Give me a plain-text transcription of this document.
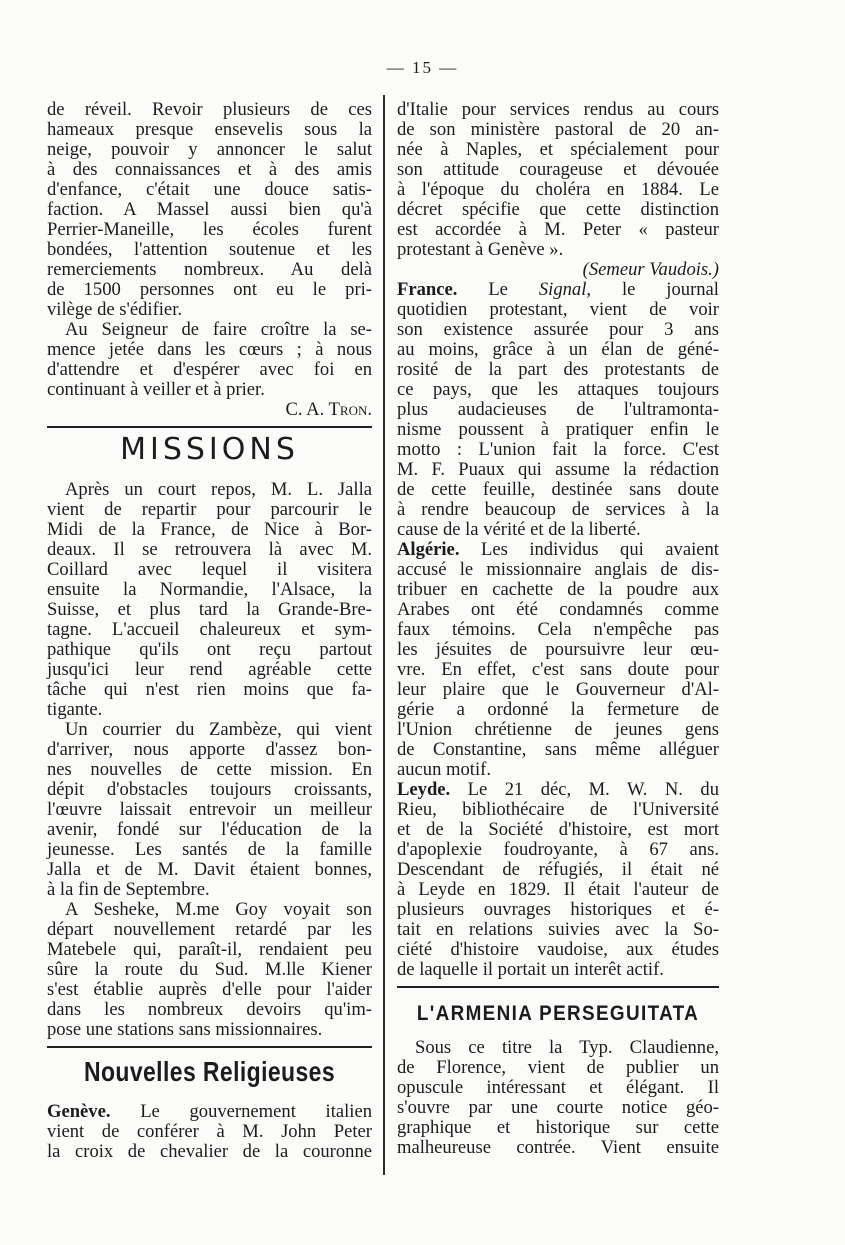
— 15 —
de réveil. Revoir plusieurs de ces
hameaux presque ensevelis sous la
neige, pouvoir y annoncer le salut
à des connaissances et à des amis
d'enfance, c'était une douce satis-
faction. A Massel aussi bien qu'à
Perrier-Maneille, les écoles furent
bondées, l'attention soutenue et les
remerciements nombreux. Au delà
de 1500 personnes ont eu le pri-
vilège de s'édifier.
Au Seigneur de faire croître la se-
mence jetée dans les cœurs ; à nous
d'attendre et d'espérer avec foi en
continuant à veiller et à prier.
C. A. Tron.
MISSIONS
Après un court repos, M. L. Jalla
vient de repartir pour parcourir le
Midi de la France, de Nice à Bor-
deaux. Il se retrouvera là avec M.
Coillard avec lequel il visitera
ensuite la Normandie, l'Alsace, la
Suisse, et plus tard la Grande-Bre-
tagne. L'accueil chaleureux et sym-
pathique qu'ils ont reçu partout
jusqu'ici leur rend agréable cette
tâche qui n'est rien moins que fa-
tigante.
Un courrier du Zambèze, qui vient
d'arriver, nous apporte d'assez bon-
nes nouvelles de cette mission. En
dépit d'obstacles toujours croissants,
l'œuvre laissait entrevoir un meilleur
avenir, fondé sur l'éducation de la
jeunesse. Les santés de la famille
Jalla et de M. Davit étaient bonnes,
à la fin de Septembre.
A Sesheke, M.me Goy voyait son
départ nouvellement retardé par les
Matebele qui, paraît-il, rendaient peu
sûre la route du Sud. M.lle Kiener
s'est établie auprès d'elle pour l'aider
dans les nombreux devoirs qu'im-
pose une stations sans missionnaires.
Nouvelles Religieuses
Genève. Le gouvernement italien
vient de conférer à M. John Peter
la croix de chevalier de la couronne
d'Italie pour services rendus au cours
de son ministère pastoral de 20 an-
née à Naples, et spécialement pour
son attitude courageuse et dévouée
à l'époque du choléra en 1884. Le
décret spécifie que cette distinction
est accordée à M. Peter « pasteur
protestant à Genève ».
(Semeur Vaudois.)
France. Le Signal, le journal
quotidien protestant, vient de voir
son existence assurée pour 3 ans
au moins, grâce à un élan de géné-
rosité de la part des protestants de
ce pays, que les attaques toujours
plus audacieuses de l'ultramonta-
nisme poussent à pratiquer enfin le
motto : L'union fait la force. C'est
M. F. Puaux qui assume la rédaction
de cette feuille, destinée sans doute
à rendre beaucoup de services à la
cause de la vérité et de la liberté.
Algérie. Les individus qui avaient
accusé le missionnaire anglais de dis-
tribuer en cachette de la poudre aux
Arabes ont été condamnés comme
faux témoins. Cela n'empêche pas
les jésuites de poursuivre leur œu-
vre. En effet, c'est sans doute pour
leur plaire que le Gouverneur d'Al-
gérie a ordonné la fermeture de
l'Union chrétienne de jeunes gens
de Constantine, sans même alléguer
aucun motif.
Leyde. Le 21 déc, M. W. N. du
Rieu, bibliothécaire de l'Université
et de la Société d'histoire, est mort
d'apoplexie foudroyante, à 67 ans.
Descendant de réfugiés, il était né
à Leyde en 1829. Il était l'auteur de
plusieurs ouvrages historiques et é-
tait en relations suivies avec la So-
ciété d'histoire vaudoise, aux études
de laquelle il portait un interêt actif.
L'ARMENIA PERSEGUITATA
Sous ce titre la Typ. Claudienne,
de Florence, vient de publier un
opuscule intéressant et élégant. Il
s'ouvre par une courte notice géo-
graphique et historique sur cette
malheureuse contrée. Vient ensuite
